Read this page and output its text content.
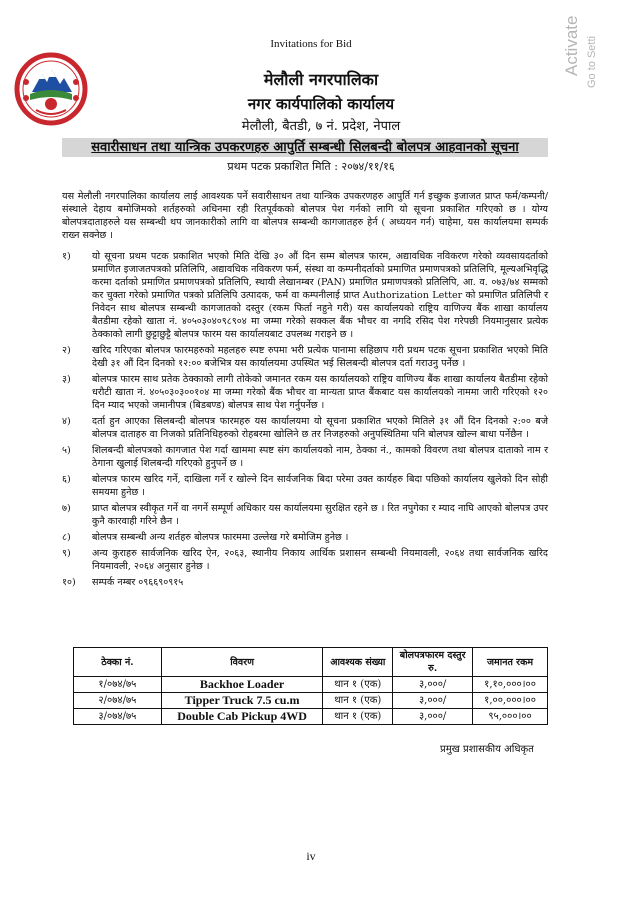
Invitations for Bid
मेलौली नगरपालिका
नगर कार्यपालिको कार्यालय
मेलौली, बैतडी, ७ नं. प्रदेश, नेपाल
सवारीसाधन तथा यान्त्रिक उपकरणहरु आपुर्ति सम्बन्धी सिलबन्दी बोलपत्र आहवानको सूचना
प्रथम पटक प्रकाशित मिति : २०७४/११/१६
यस मेलौली नगरपालिका कार्यालय लाई आवश्यक पर्ने सवारीसाधन तथा यान्त्रिक उपकरणहरु आपुर्ति गर्न इच्छुक इजाजत प्राप्त फर्म/कम्पनी/संस्थाले देहाय बमोजिमको शर्तहरुको अधिनमा रही रितपूर्वकको बोलपत्र पेश गर्नको लागि यो सूचना प्रकाशित गरिएको छ । योग्य बोलपत्रदाताहरुले यस सम्बन्धी थप जानकारीको लागि वा बोलपत्र सम्बन्धी कागजातहरु हेर्न ( अध्ययन गर्न) चाहेमा, यस कार्यालयमा सम्पर्क राख्न सक्नेछ ।
१)	यो सूचना प्रथम पटक प्रकाशित भएको मिति देखि ३० औं दिन सम्म बोलपत्र फारम, अद्यावधिक नविकरण गरेको व्यवसायदर्ताको प्रमाणित इजाजतपत्रको प्रतिलिपि, अद्यावधिक नविकरण फर्म, संस्था वा कम्पनीदर्ताको प्रमाणित प्रमाणपत्रको प्रतिलिपि, मूल्यअभिवृद्धि करमा दर्ताको प्रमाणित प्रमाणपत्रको प्रतिलिपि, स्थायी लेखानम्बर (PAN) प्रमाणित प्रमाणपत्रको प्रतिलिपि, आ. व. ०७३/७४ सम्मको कर चुक्ता गरेको प्रमाणित पत्रको प्रतिलिपि उत्पादक, फर्म वा कम्पनीलाई प्राप्त Authorization Letter को प्रमाणित प्रतिलिपी र निवेदन साथ बोलपत्र सम्बन्धी कागजातको दस्तुर (रकम फिर्ता नहुने गरी) यस कार्यालयको राष्ट्रिय वाणिज्य बैंक शाखा कार्यालय बैतडीमा रहेको खाता नं. ४०५०३०४०९८९०४ मा जम्मा गरेको सक्कल बैंक भौचर वा नगदि रसिद पेश गरेपछी नियमानुसार प्रत्येक ठेक्काको लागी छुट्टाछुट्टै बोलपत्र फारम यस कार्यालयबाट उपलब्ध गराइने छ ।
२)	खरिद गरिएका बोलपत्र फारमहरुको महलहरु स्पष्ट रुपमा भरी प्रत्येक पानामा सहिछाप गरी प्रथम पटक सूचना प्रकाशित भएको मिति देखी ३१ औं दिन दिनको १२:०० बजेभित्र यस कार्यालयमा उपस्थित भई सिलबन्दी बोलपत्र दर्ता गराउनु पर्नेछ ।
३)	बोलपत्र फारम साथ प्रतेक ठेक्काको लागी तोकेको जमानत रकम यस कार्यालयको राष्ट्रिय वाणिज्य बैंक शाखा कार्यालय बैतडीमा रहेको धरौटी खाता नं. ४०५०३०३००१०४ मा जम्मा गरेको बैंक भौचर वा मान्यता प्राप्त बैंकबाट यस कार्यालयको नाममा जारी गरिएको १२० दिन म्याद भएको जमानीपत्र (बिडबण्ड) बोलपत्र साथ पेश गर्नुपर्नेछ ।
४)	दर्ता हुन आएका सिलबन्दी बोलपत्र फारमहरु यस कार्यालयमा यो सूचना प्रकाशित भएको मितिले ३१ औं दिन दिनको २:०० बजे बोलपत्र दाताहरु वा निजको प्रतिनिधिहरुको रोहबरमा खोलिने छ तर निजहरुको अनुपस्थितिमा पनि बोलपत्र खोल्न बाधा पर्नेछैन ।
५)	शिलबन्दी बोलपत्रको कागजात पेश गर्दा खाममा स्पष्ट संग कार्यालयको नाम, ठेक्का नं., कामको विवरण तथा बोलपत्र दाताको नाम र ठेगाना खुलाई शिलबन्दी गरिएको हुनुपर्ने छ ।
६)	बोलपत्र फारम खरिद गर्ने, दाखिला गर्ने र खोल्ने दिन सार्वजनिक बिदा परेमा उक्त कार्यहरु बिदा पछिको कार्यालय खुलेको दिन सोही समयमा हुनेछ ।
७)	प्राप्त बोलपत्र स्वीकृत गर्ने वा नगर्ने सम्पूर्ण अधिकार यस कार्यालयमा सुरक्षित रहने छ । रित नपुगेका र म्याद नाघि आएको बोलपत्र उपर कुनै कारवाही गरिने छैन ।
८)	बोलपत्र सम्बन्धी अन्य शर्तहरु बोलपत्र फारममा उल्लेख गरे बमोजिम हुनेछ ।
९)	अन्य कुराहरु सार्वजनिक खरिद ऐन, २०६३, स्थानीय निकाय आर्थिक प्रशासन सम्बन्धी नियमावली, २०६४ तथा सार्वजनिक खरिद नियमावली, २०६४ अनुसार हुनेछ ।
१०)	सम्पर्क नम्बर ०९६६९०९१५
ठेक्का नं.	विवरण	आवश्यक संख्या	बोलपत्रफारम दस्तुर रु.	जमानत रकम
१/०७४/७५	Backhoe Loader	थान १ (एक)	३,०००/	१,१०,०००।००
२/०७४/७५	Tipper Truck 7.5 cu.m	थान १ (एक)	३,०००/	१,००,०००।००
३/०७४/७५	Double Cab Pickup 4WD	थान १ (एक)	३,०००/	९५,०००।००
प्रमुख प्रशासकीय अधिकृत
iv
Activate Go to Setti
